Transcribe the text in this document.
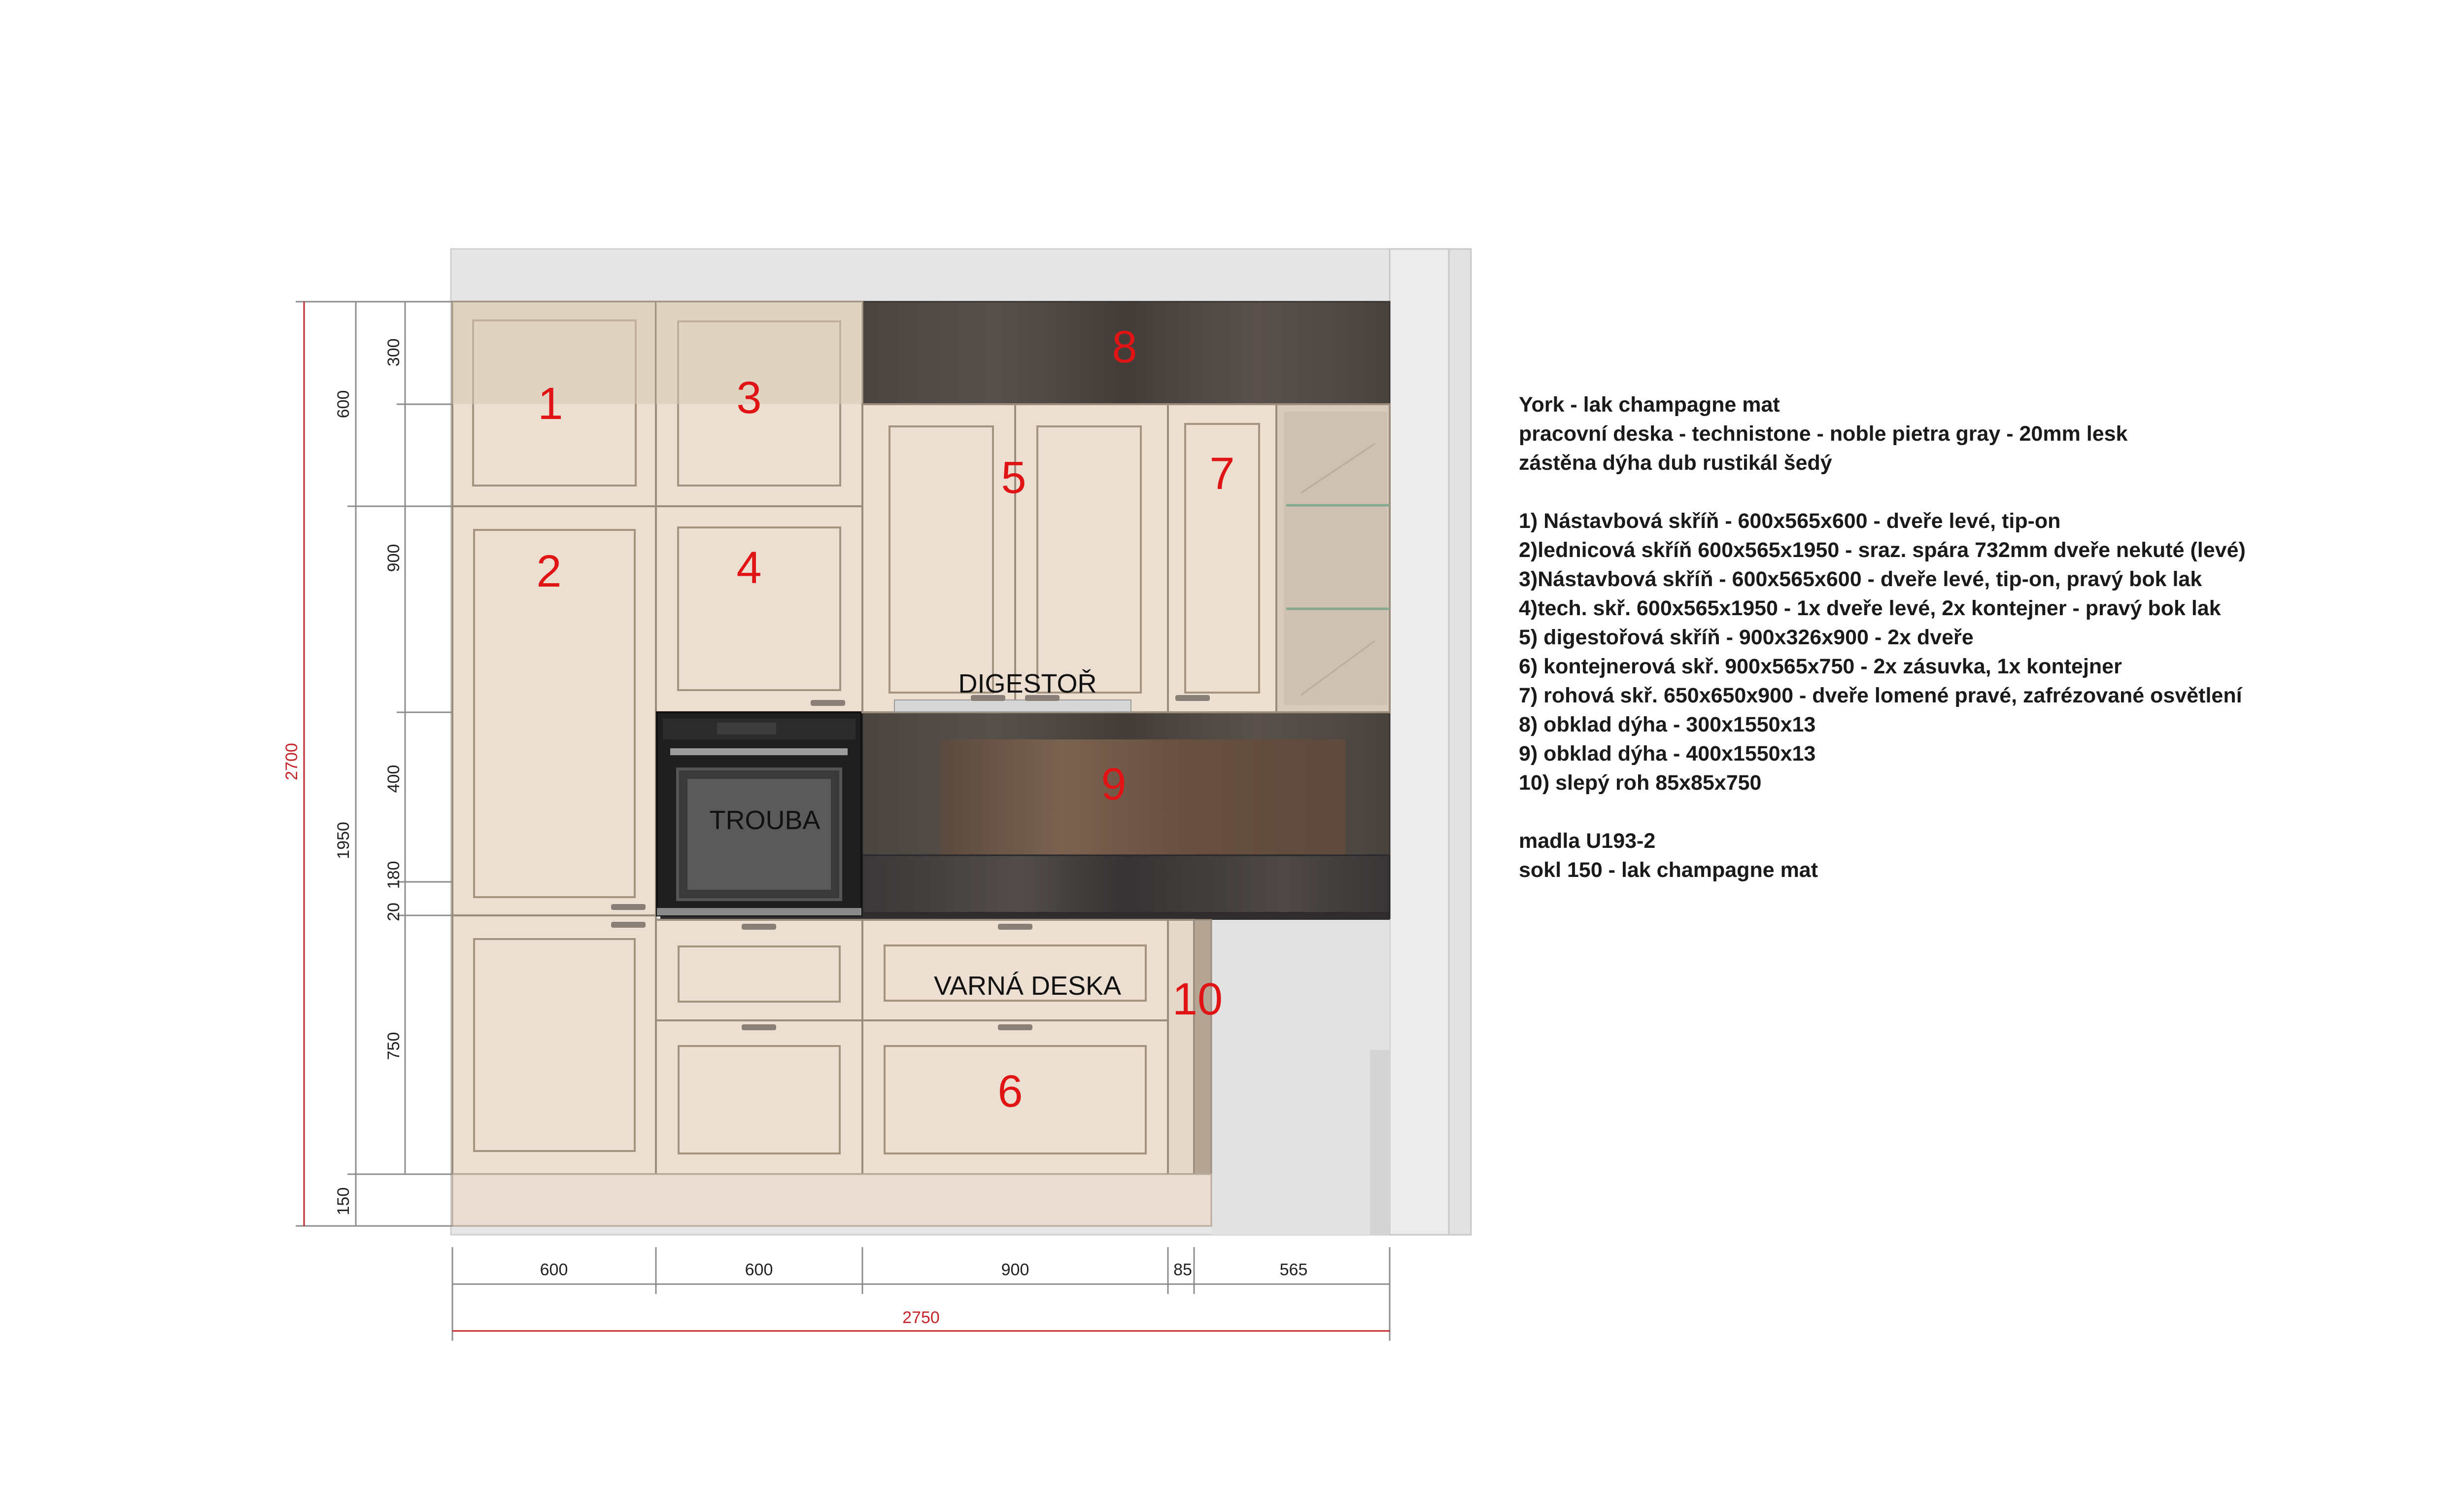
1
2
3
4
5
6
7
8
9
10
TROUBA
DIGESTOŘ
VARNÁ DESKA
300
600
900
400
1950
180
20
750
150
2700
600	600	900	85	565
2750
York - lak champagne mat
pracovní deska - technistone - noble pietra gray - 20mm lesk
zástěna dýha dub rustikál šedý
1) Nástavbová skříň - 600x565x600 - dveře levé, tip-on
2)lednicová skříň 600x565x1950 - sraz. spára 732mm dveře nekuté (levé)
3)Nástavbová skříň - 600x565x600 - dveře levé, tip-on, pravý bok lak
4)tech. skř. 600x565x1950 - 1x dveře levé, 2x kontejner - pravý bok lak
5) digestořová skříň - 900x326x900 - 2x dveře
6) kontejnerová skř. 900x565x750 - 2x zásuvka, 1x kontejner
7) rohová skř. 650x650x900 - dveře lomené pravé, zafrézované osvětlení
8) obklad dýha - 300x1550x13
9) obklad dýha - 400x1550x13
10) slepý roh 85x85x750
madla U193-2
sokl 150 - lak champagne mat
